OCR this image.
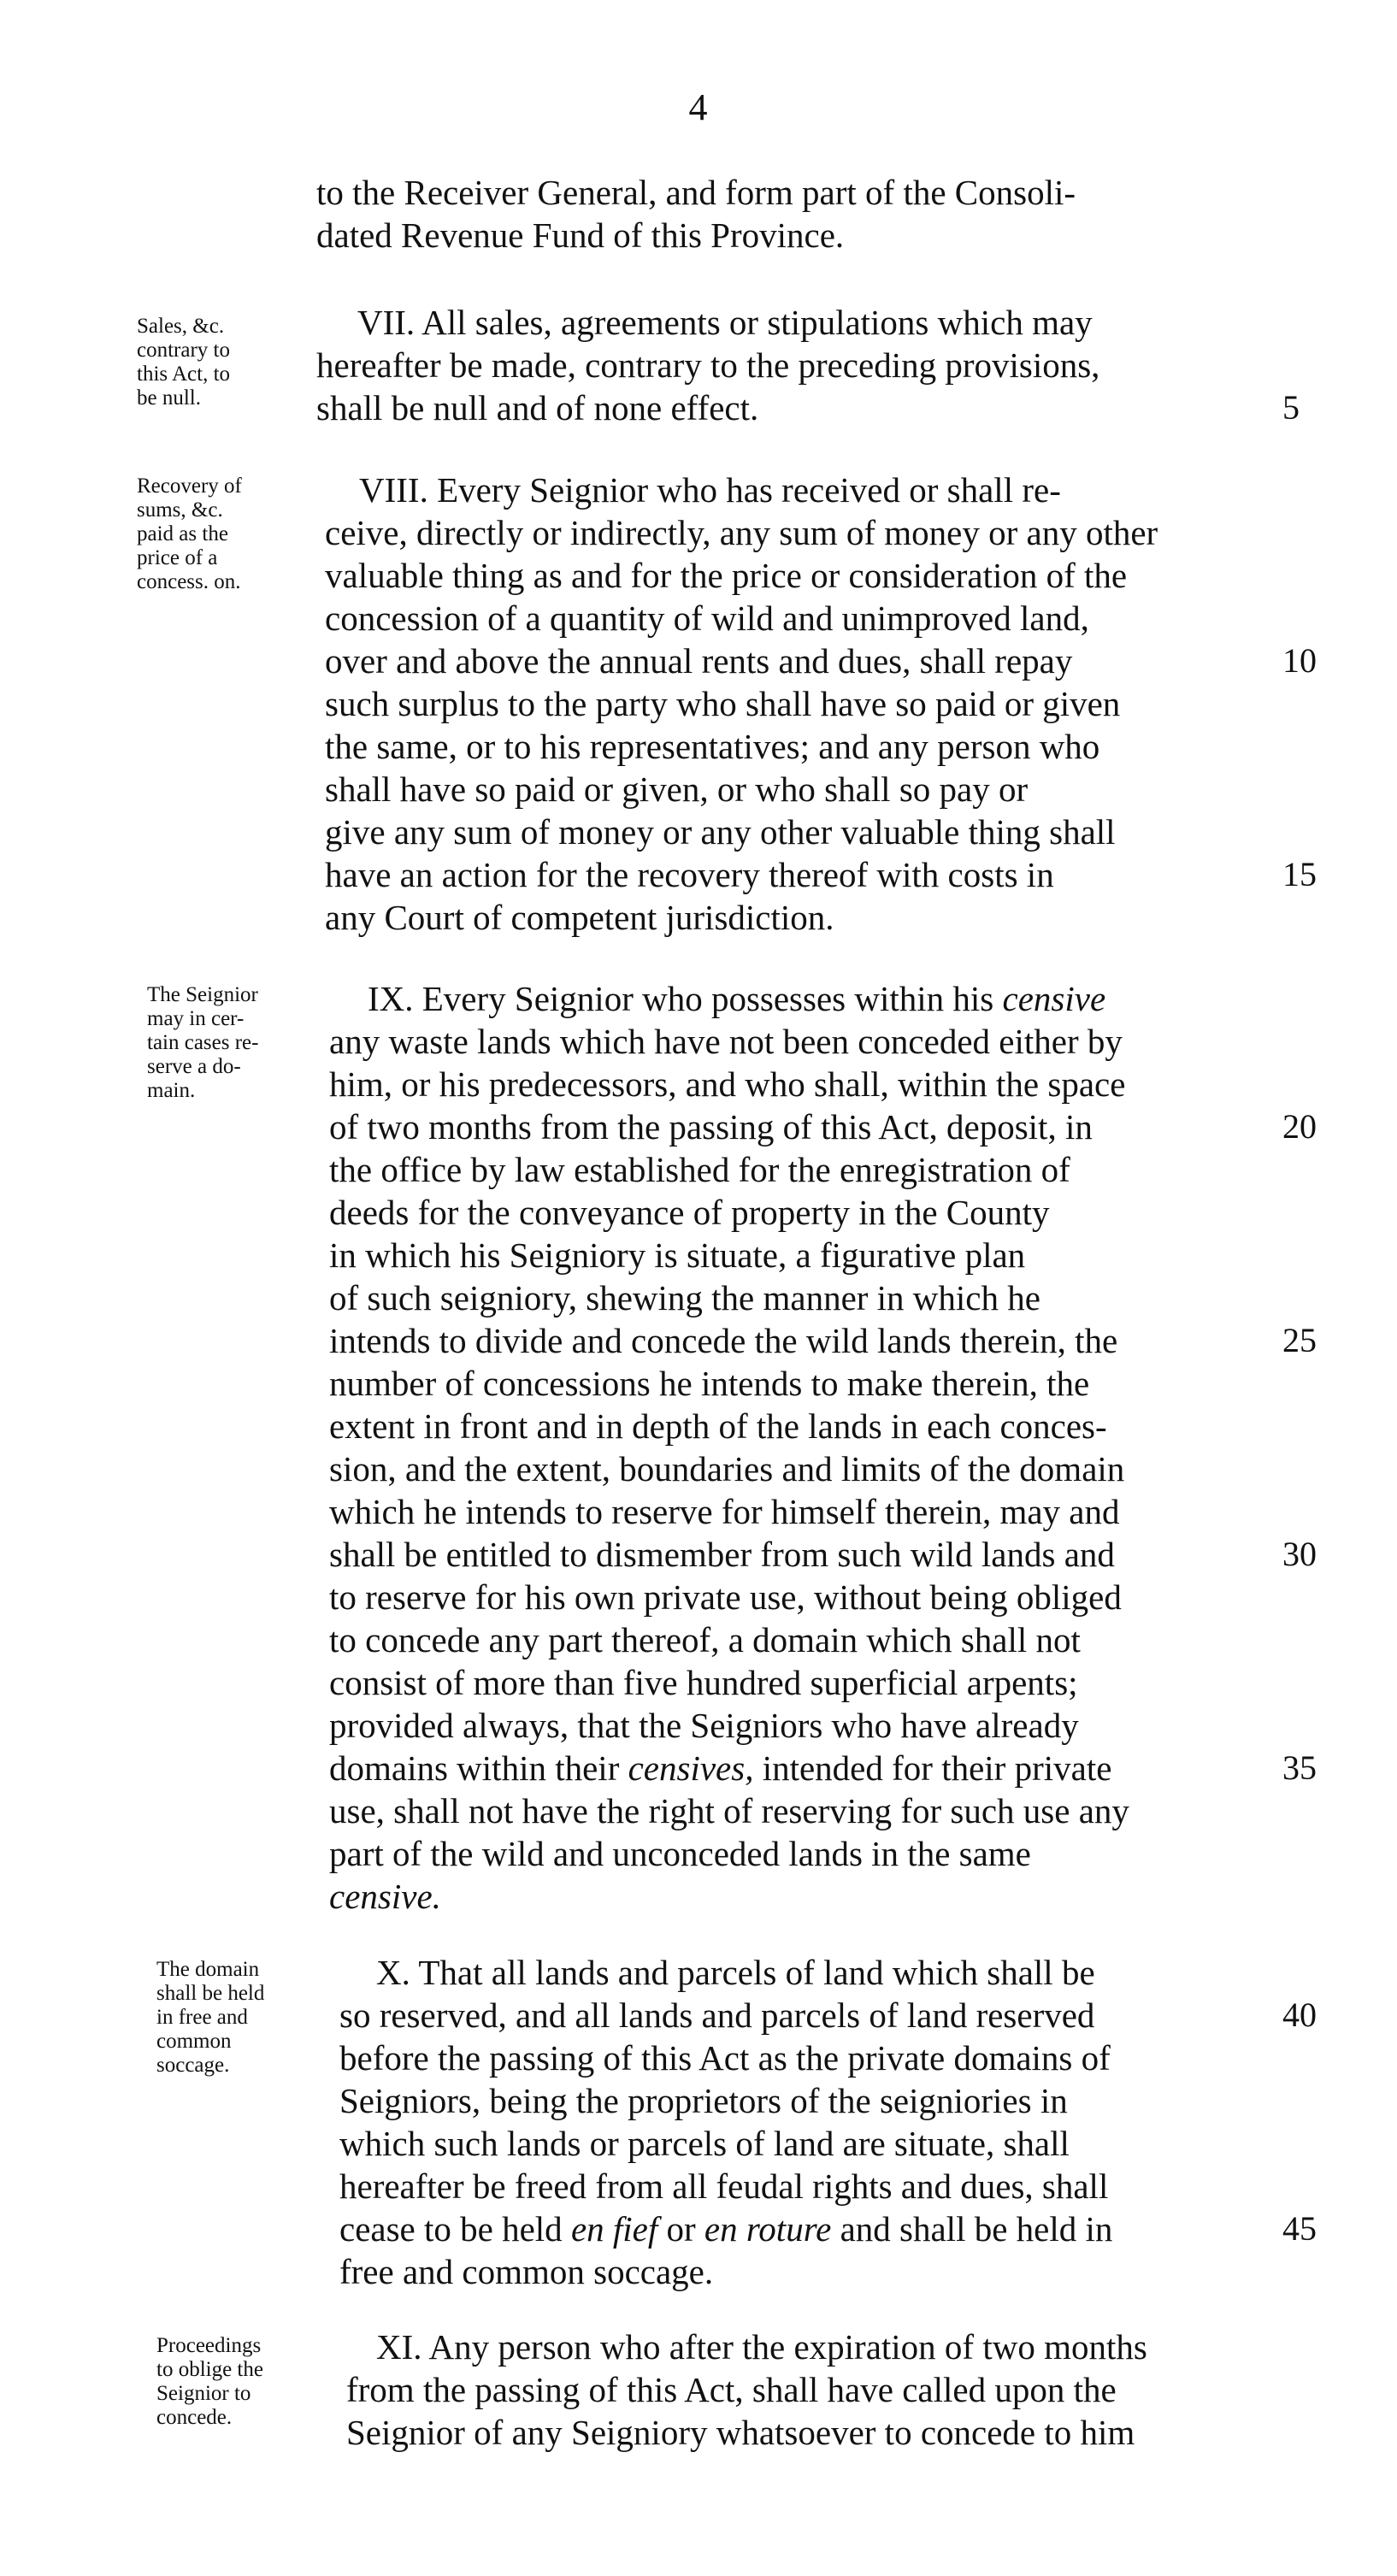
4
to the Receiver General, and form part of the Consoli-
dated Revenue Fund of this Province.
Sales, &c.
contrary to
this Act, to
be null.
VII. All sales, agreements or stipulations which may
hereafter be made, contrary to the preceding provisions,
shall be null and of none effect.	5
Recovery of
sums, &c.
paid as the
price of a
concess. on.
VIII. Every Seignior who has received or shall re-
ceive, directly or indirectly, any sum of money or any other
valuable thing as and for the price or consideration of the
concession of a quantity of wild and unimproved land,
over and above the annual rents and dues, shall repay	10
such surplus to the party who shall have so paid or given
the same, or to his representatives; and any person who
shall have so paid or given, or who shall so pay or
give any sum of money or any other valuable thing shall
have an action for the recovery thereof with costs in	15
any Court of competent jurisdiction.
The Seignior
may in cer-
tain cases re-
serve a do-
main.
IX. Every Seignior who possesses within his censive
any waste lands which have not been conceded either by
him, or his predecessors, and who shall, within the space
of two months from the passing of this Act, deposit, in	20
the office by law established for the enregistration of
deeds for the conveyance of property in the County
in which his Seigniory is situate, a figurative plan
of such seigniory, shewing the manner in which he
intends to divide and concede the wild lands therein, the	25
number of concessions he intends to make therein, the
extent in front and in depth of the lands in each conces-
sion, and the extent, boundaries and limits of the domain
which he intends to reserve for himself therein, may and
shall be entitled to dismember from such wild lands and	30
to reserve for his own private use, without being obliged
to concede any part thereof, a domain which shall not
consist of more than five hundred superficial arpents;
provided always, that the Seigniors who have already
domains within their censives, intended for their private	35
use, shall not have the right of reserving for such use any
part of the wild and unconceded lands in the same
censive.
The domain
shall be held
in free and
common
soccage.
X. That all lands and parcels of land which shall be
so reserved, and all lands and parcels of land reserved	40
before the passing of this Act as the private domains of
Seigniors, being the proprietors of the seigniories in
which such lands or parcels of land are situate, shall
hereafter be freed from all feudal rights and dues, shall
cease to be held en fief or en roture and shall be held in	45
free and common soccage.
Proceedings
to oblige the
Seignior to
concede.
XI. Any person who after the expiration of two months
from the passing of this Act, shall have called upon the
Seignior of any Seigniory whatsoever to concede to him
